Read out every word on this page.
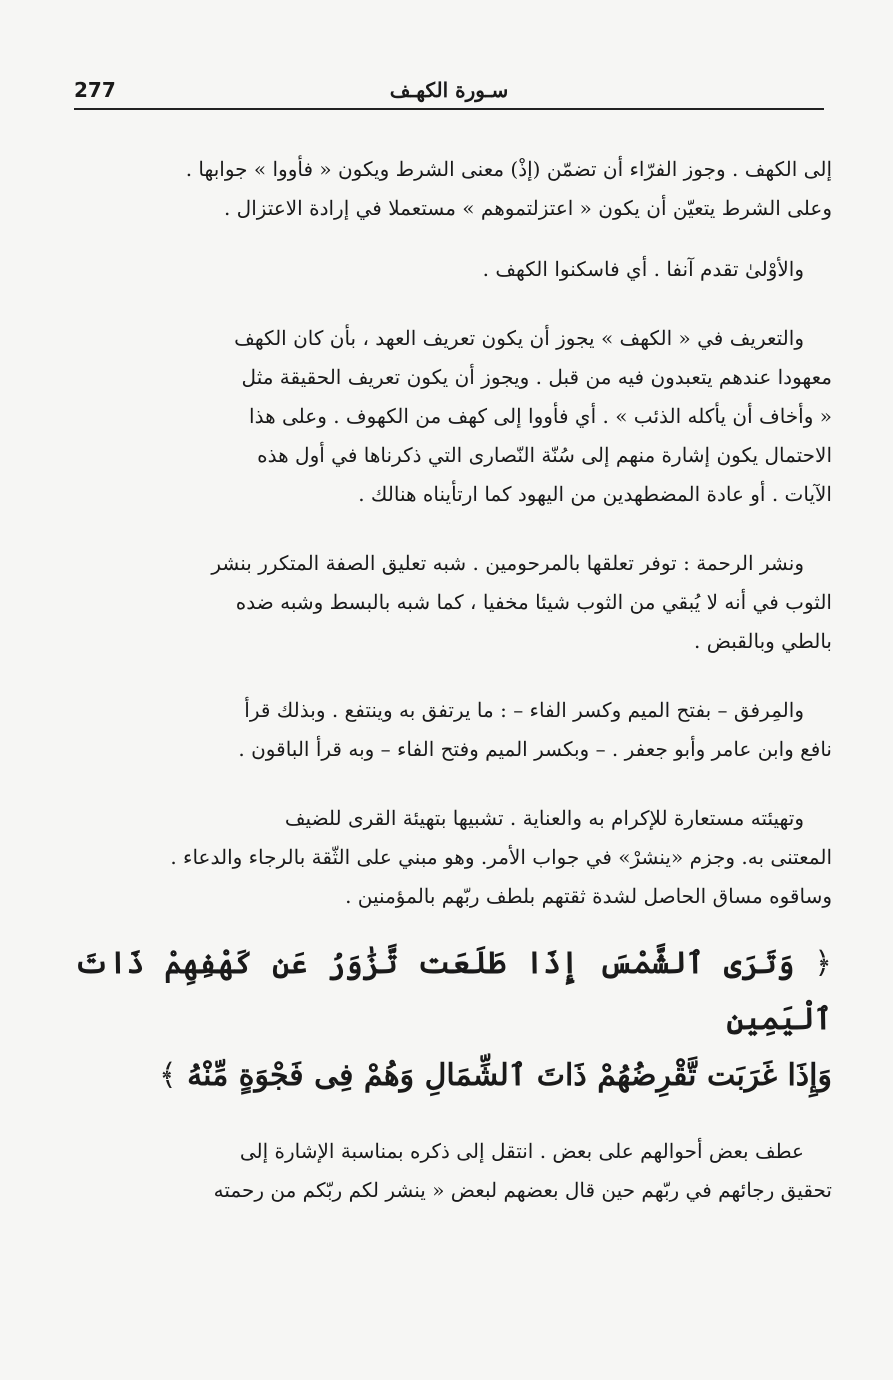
277	سـورة الكهـف

إلى الكهف . وجوز الفرّاء أن تضمّن (إذْ) معنى الشرط ويكون « فأووا » جوابها .
وعلى الشرط يتعيّن أن يكون « اعتزلتموهم » مستعملا في إرادة الاعتزال .

والأوْلىٰ تقدم آنفا . أي فاسكنوا الكهف .

والتعريف في « الكهف » يجوز أن يكون تعريف العهد ، بأن كان الكهف
معهودا عندهم يتعبدون فيه من قبل . ويجوز أن يكون تعريف الحقيقة مثل
« وأخاف أن يأكله الذئب » . أي فأووا إلى كهف من الكهوف . وعلى هذا
الاحتمال يكون إشارة منهم إلى سُنّة النّصارى التي ذكرناها في أول هذه
الآيات . أو عادة المضطهدين من اليهود كما ارتأيناه هنالك .

ونشر الرحمة : توفر تعلقها بالمرحومين . شبه تعليق الصفة المتكرر بنشر
الثوب في أنه لا يُبقي من الثوب شيئا مخفيا ، كما شبه بالبسط وشبه ضده
بالطي وبالقبض .

والمِرفق – بفتح الميم وكسر الفاء – : ما يرتفق به وينتفع . وبذلك قرأ
نافع وابن عامر وأبو جعفر . – وبكسر الميم وفتح الفاء – وبه قرأ الباقون .

وتهيئته مستعارة للإكرام به والعناية . تشبيها بتهيئة القرى للضيف
المعتنى به. وجزم «ينشرْ» في جواب الأمر. وهو مبني على الثّقة بالرجاء والدعاء .
وساقوه مساق الحاصل لشدة ثقتهم بلطف ربّهم بالمؤمنين .

﴿ وَتَرَى ٱلشَّمْسَ إِذَا طَلَعَت تَّزَٰوَرُ عَن كَهْفِهِمْ ذَاتَ ٱلْيَمِينِ
وَإِذَا غَرَبَت تَّقْرِضُهُمْ ذَاتَ ٱلشِّمَالِ وَهُمْ فِى فَجْوَةٍ مِّنْهُ ﴾

عطف بعض أحوالهم على بعض . انتقل إلى ذكره بمناسبة الإشارة إلى
تحقيق رجائهم في ربّهم حين قال بعضهم لبعض « ينشر لكم ربّكم من رحمته
